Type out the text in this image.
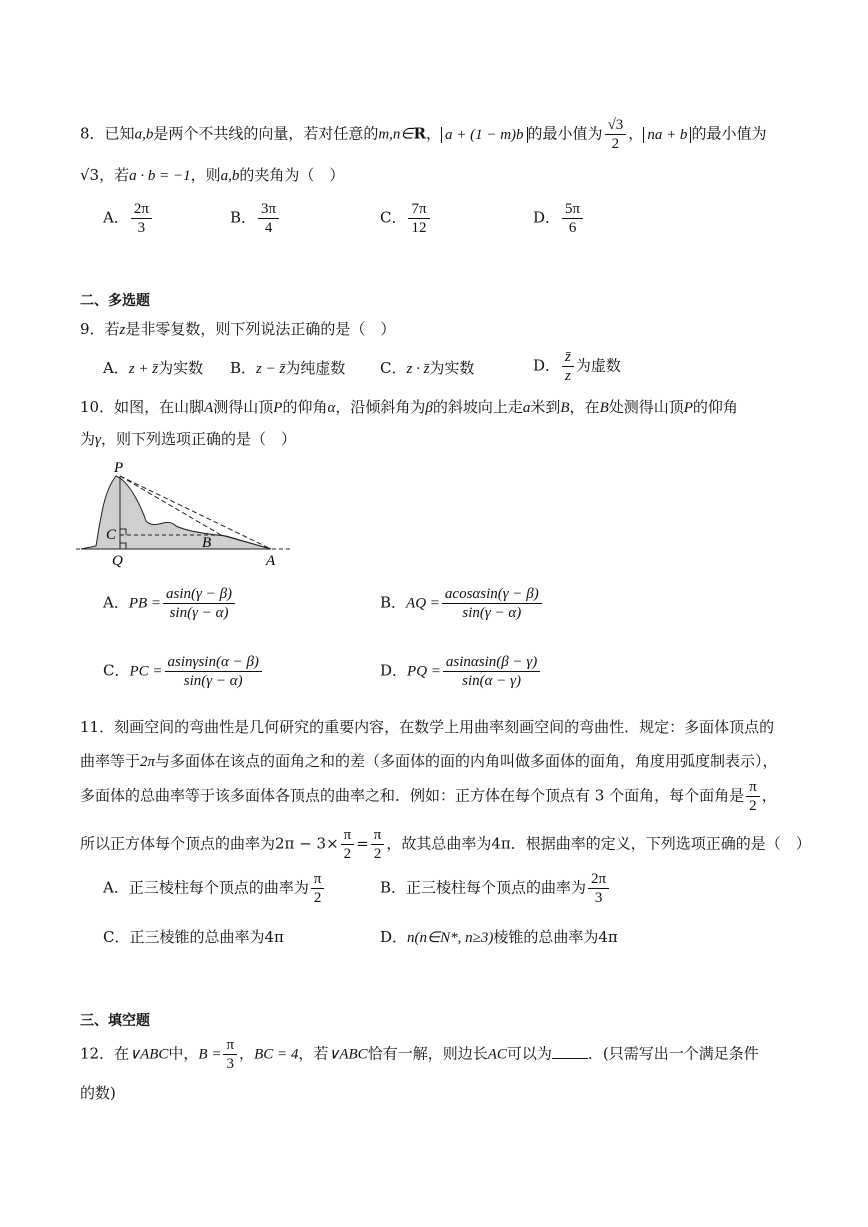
8．已知a,b是两个不共线的向量，若对任意的m,n∈R， a + (1 − m)b 的最小值为 $\frac{√3}{2}$ ， na + b 的最小值为
√3，若a · b = −1，则a,b的夹角为（　）
A． $\frac{2\pi}{3}$	B． $\frac{3\pi}{4}$	C． $\frac{7\pi}{12}$	D． $\frac{5\pi}{6}$
二、多选题
9．若z是非零复数，则下列说法正确的是（　）
A．z + z̄为实数 B．z − z̄为纯虚数 C．z · z̄为实数	D． $\frac{z̄}{z}$ 为虚数
10．如图，在山脚A测得山顶P的仰角α，沿倾斜角为β的斜坡向上走a米到B，在B处测得山顶P的仰角
为γ，则下列选项正确的是（　）
P
C	B
Q	A
A．PB = $\frac{asin(\gamma - \beta)}{\sin(\gamma - \alpha)}$	B．AQ = $\frac{acos\alpha\sin(\gamma - \beta)}{\sin(\gamma - \alpha)}$
C．PC = $\frac{asin\gamma\sin(\alpha - \beta)}{\sin(\gamma - \alpha)}$	D．PQ = $\frac{asin\alpha\sin(\beta - \gamma)}{\sin(\alpha - \gamma)}$
11．刻画空间的弯曲性是几何研究的重要内容，在数学上用曲率刻画空间的弯曲性．规定：多面体顶点的
曲率等于2π与多面体在该点的面角之和的差（多面体的面的内角叫做多面体的面角，角度用弧度制表示），
多面体的总曲率等于该多面体各顶点的曲率之和．例如：正方体在每个顶点有 3 个面角，每个面角是 $\frac{\pi}{2}$ ，
所以正方体每个顶点的曲率为$2\pi - 3\times \frac{\pi}{2} = \frac{\pi}{2}$ ，故其总曲率为4π．根据曲率的定义，下列选项正确的是（　）
A．正三棱柱每个顶点的曲率为 $\frac{\pi}{2}$	B．正三棱柱每个顶点的曲率为 $\frac{2\pi}{3}$
C．正三棱锥的总曲率为4π	D．n(n∈N*, n≥3)棱锥的总曲率为4π
三、填空题
12．在∨ABC中，$B = \frac{\pi}{3}$ ，BC = 4，若∨ABC恰有一解，则边长AC可以为 ．(只需写出一个满足条件
的数)
